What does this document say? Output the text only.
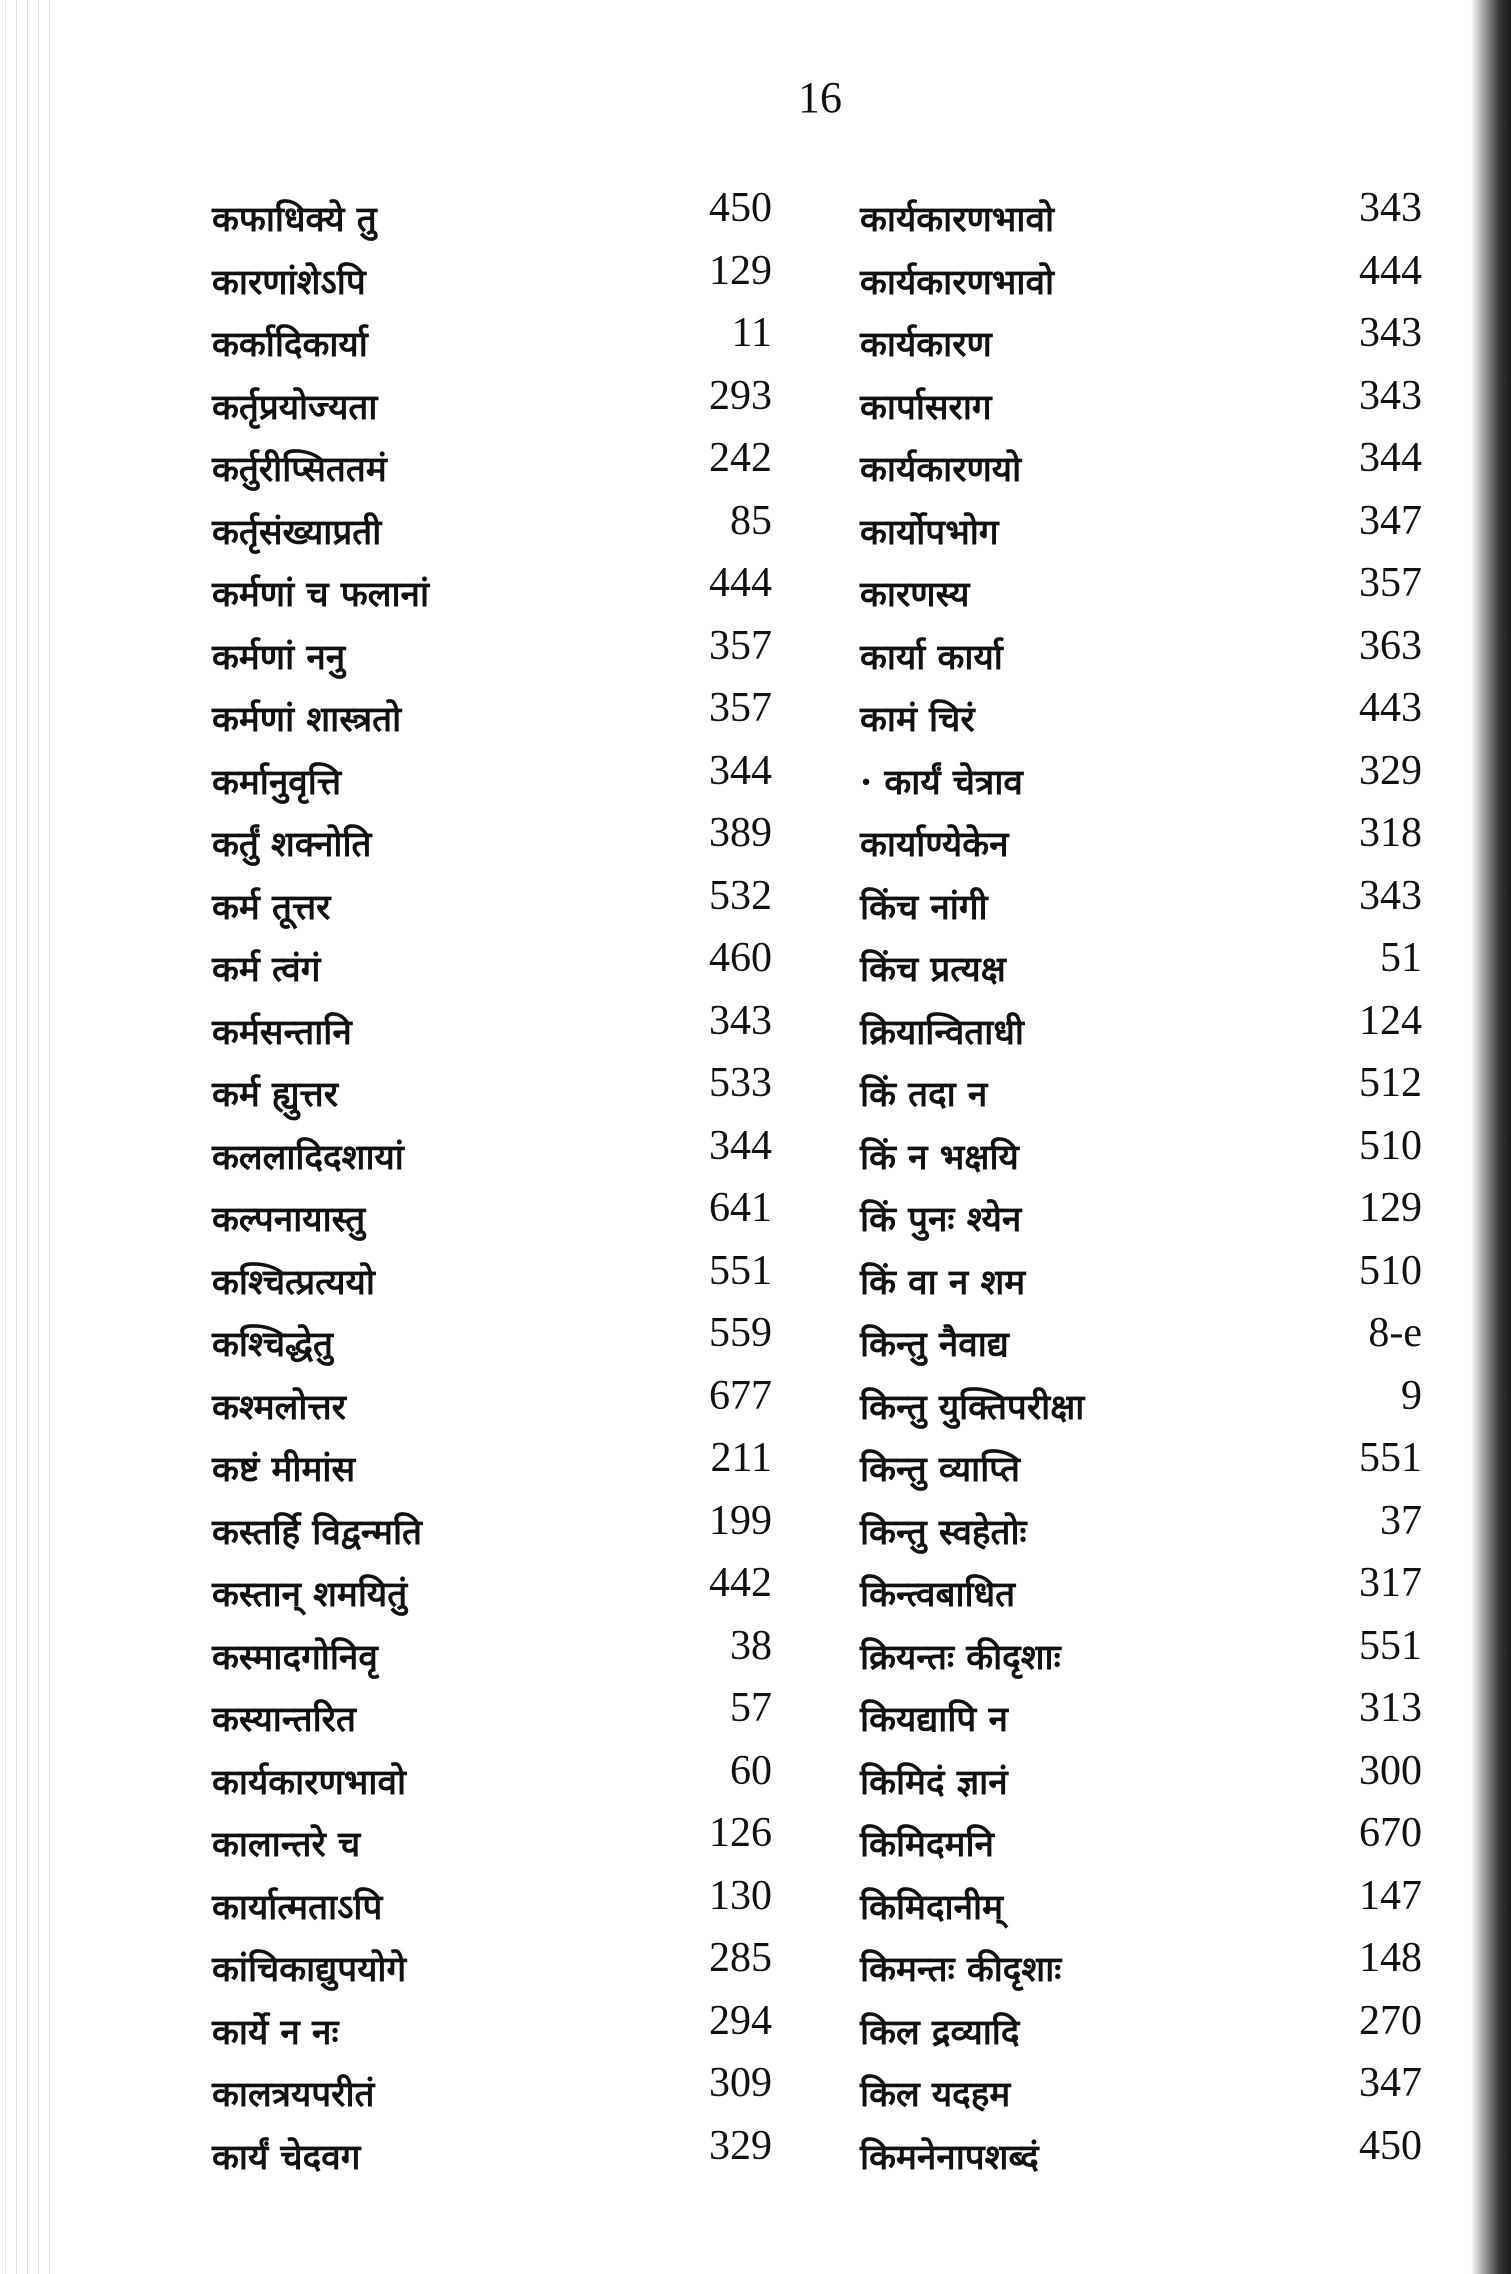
16
कफाधिक्ये तु	450
कारणांशेऽपि	129
कर्कादिकार्या	11
कर्तृप्रयोज्यता	293
कर्तुरीप्सिततमं	242
कर्तृसंख्याप्रती	85
कर्मणां च फलानां	444
कर्मणां ननु	357
कर्मणां शास्त्रतो	357
कर्मानुवृत्ति	344
कर्तुं शक्नोति	389
कर्म तूत्तर	532
कर्म त्वंगं	460
कर्मसन्तानि	343
कर्म ह्युत्तर	533
कललादिदशायां	344
कल्पनायास्तु	641
कश्चित्प्रत्ययो	551
कश्चिद्धेतु	559
कश्मलोत्तर	677
कष्टं मीमांस	211
कस्तर्हि विद्वन्मति	199
कस्तान् शमयितुं	442
कस्मादगोनिवृ	38
कस्यान्तरित	57
कार्यकारणभावो	60
कालान्तरे च	126
कार्यात्मताऽपि	130
कांचिकाद्युपयोगे	285
कार्ये न नः	294
कालत्रयपरीतं	309
कार्यं चेदवग	329
कार्यकारणभावो	343
कार्यकारणभावो	444
कार्यकारण	343
कार्पासराग	343
कार्यकारणयो	344
कार्योपभोग	347
कारणस्य	357
कार्या कार्या	363
कामं चिरं	443
· कार्यं चेत्राव	329
कार्याण्येकेन	318
किंच नांगी	343
किंच प्रत्यक्ष	51
क्रियान्विताधी	124
किं तदा न	512
किं न भक्षयि	510
किं पुनः श्येन	129
किं वा न शम	510
किन्तु नैवाद्य	8-e
किन्तु युक्तिपरीक्षा	9
किन्तु व्याप्ति	551
किन्तु स्वहेतोः	37
किन्त्वबाधित	317
क्रियन्तः कीदृशाः	551
कियद्यापि न	313
किमिदं ज्ञानं	300
किमिदमनि	670
किमिदानीम्	147
किमन्तः कीदृशाः	148
किल द्रव्यादि	270
किल यदहम	347
किमनेनापशब्दं	450
